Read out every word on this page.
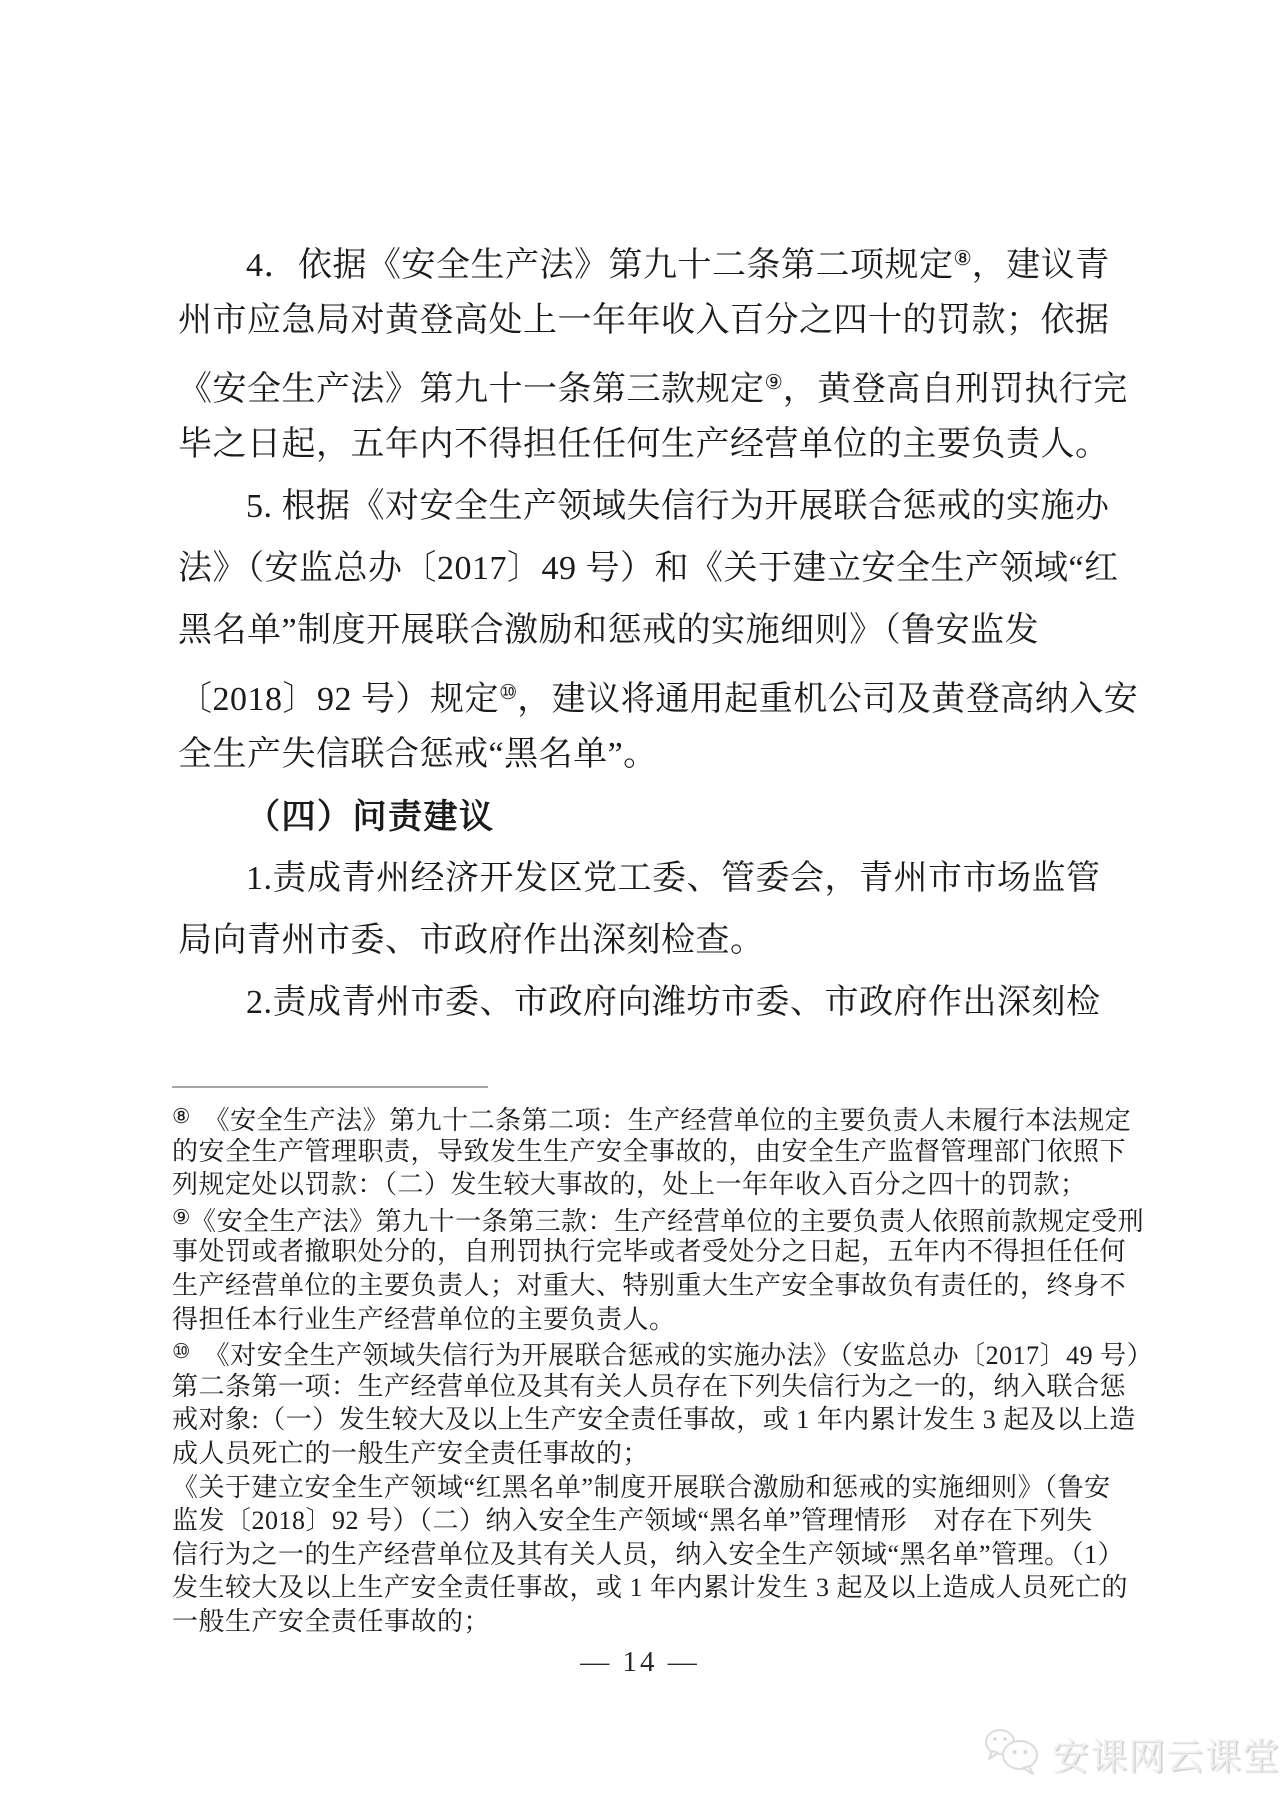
4．依据《安全生产法》第九十二条第二项规定⑧，建议青
州市应急局对黄登高处上一年年收入百分之四十的罚款；依据
《安全生产法》第九十一条第三款规定⑨，黄登高自刑罚执行完
毕之日起，五年内不得担任任何生产经营单位的主要负责人。
5. 根据《对安全生产领域失信行为开展联合惩戒的实施办
法》（安监总办〔2017〕49 号）和《关于建立安全生产领域“红
黑名单”制度开展联合激励和惩戒的实施细则》（鲁安监发
〔2018〕92 号）规定⑩，建议将通用起重机公司及黄登高纳入安
全生产失信联合惩戒“黑名单”。
（四）问责建议
1.责成青州经济开发区党工委、管委会，青州市市场监管
局向青州市委、市政府作出深刻检查。
2.责成青州市委、市政府向潍坊市委、市政府作出深刻检
⑧　《安全生产法》第九十二条第二项：生产经营单位的主要负责人未履行本法规定
的安全生产管理职责，导致发生生产安全事故的，由安全生产监督管理部门依照下
列规定处以罚款：（二）发生较大事故的，处上一年年收入百分之四十的罚款；
⑨《安全生产法》第九十一条第三款：生产经营单位的主要负责人依照前款规定受刑
事处罚或者撤职处分的，自刑罚执行完毕或者受处分之日起，五年内不得担任任何
生产经营单位的主要负责人；对重大、特别重大生产安全事故负有责任的，终身不
得担任本行业生产经营单位的主要负责人。
⑩　《对安全生产领域失信行为开展联合惩戒的实施办法》（安监总办〔2017〕49 号）
第二条第一项：生产经营单位及其有关人员存在下列失信行为之一的，纳入联合惩
戒对象:（一）发生较大及以上生产安全责任事故，或 1 年内累计发生 3 起及以上造
成人员死亡的一般生产安全责任事故的；
《关于建立安全生产领域“红黑名单”制度开展联合激励和惩戒的实施细则》（鲁安
监发〔2018〕92 号）（二）纳入安全生产领域“黑名单”管理情形　对存在下列失
信行为之一的生产经营单位及其有关人员，纳入安全生产领域“黑名单”管理。（1）
发生较大及以上生产安全责任事故，或 1 年内累计发生 3 起及以上造成人员死亡的
一般生产安全责任事故的；
— 14 —
安课网云课堂
